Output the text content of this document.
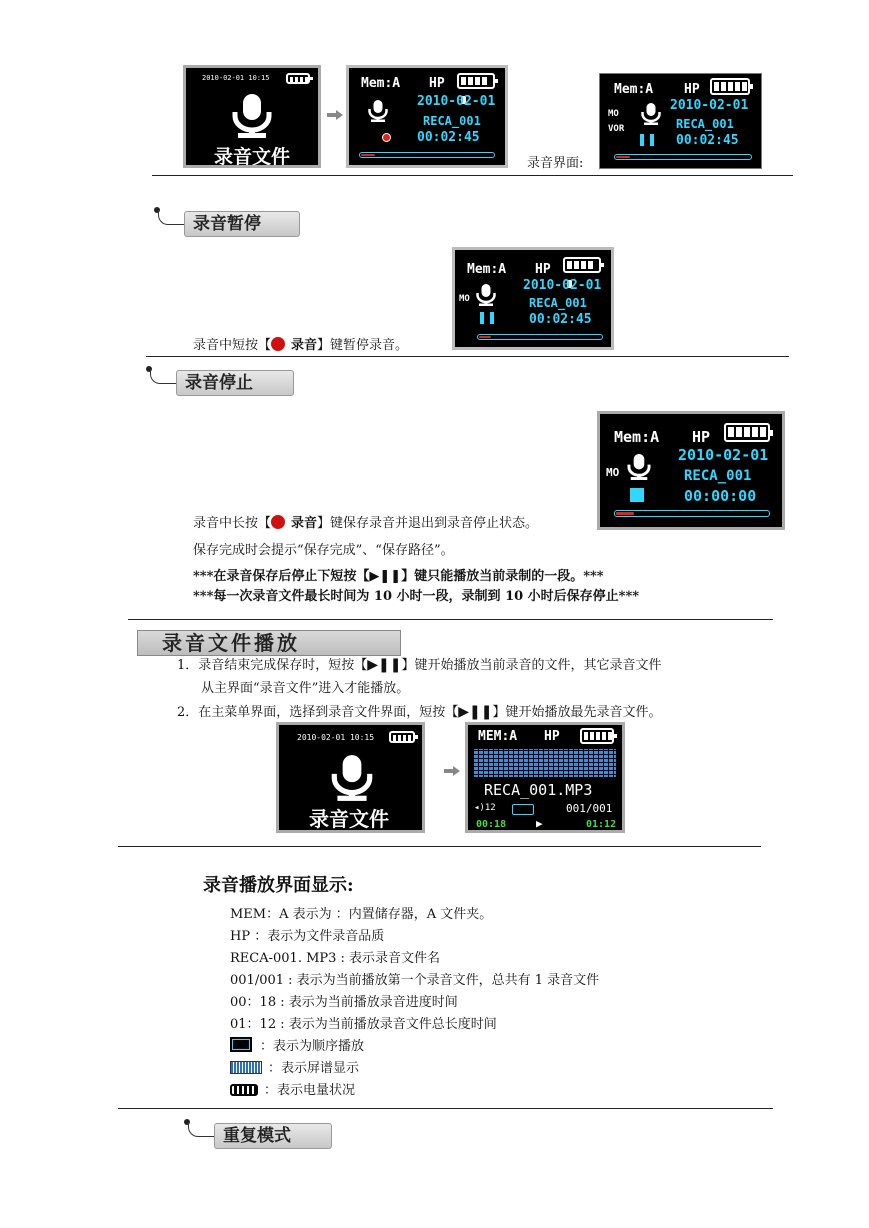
2010-02-01 10:15
录音文件
Mem:A HP
2010-02-01
RECA_001
00:02:45
录音界面:
Mem:A HP
MO
VOR
2010-02-01
RECA_001
00:02:45
录音暂停
Mem:A HP
MO
2010-02-01
RECA_001
00:02:45
录音中短按【 录音】键暂停录音。
录音停止
Mem:A HP
MO
2010-02-01
RECA_001
00:00:00
录音中长按【 录音】键保存录音并退出到录音停止状态。
保存完成时会提示“保存完成”、“保存路径”。
***在录音保存后停止下短按【▶❚❚】键只能播放当前录制的一段。***
***每一次录音文件最长时间为 10 小时一段，录制到 10 小时后保存停止***
录音文件播放
1．录音结束完成保存时，短按【▶❚❚】键开始播放当前录音的文件，其它录音文件
从主界面“录音文件”进入才能播放。
2．在主菜单界面，选择到录音文件界面，短按【▶❚❚】键开始播放最先录音文件。
2010-02-01 10:15
录音文件
MEM:A HP
RECA_001.MP3
◂)12	001/001
00:18	▶	01:12
录音播放界面显示:
MEM：A 表示为 ：内置储存器，A 文件夹。
HP ：表示为文件录音品质
RECA-001. MP3 : 表示录音文件名
001/001 : 表示为当前播放第一个录音文件，总共有 1 录音文件
00：18 : 表示为当前播放录音进度时间
01：12 : 表示为当前播放录音文件总长度时间
：表示为顺序播放
：表示屏谱显示
：表示电量状况
重复模式
